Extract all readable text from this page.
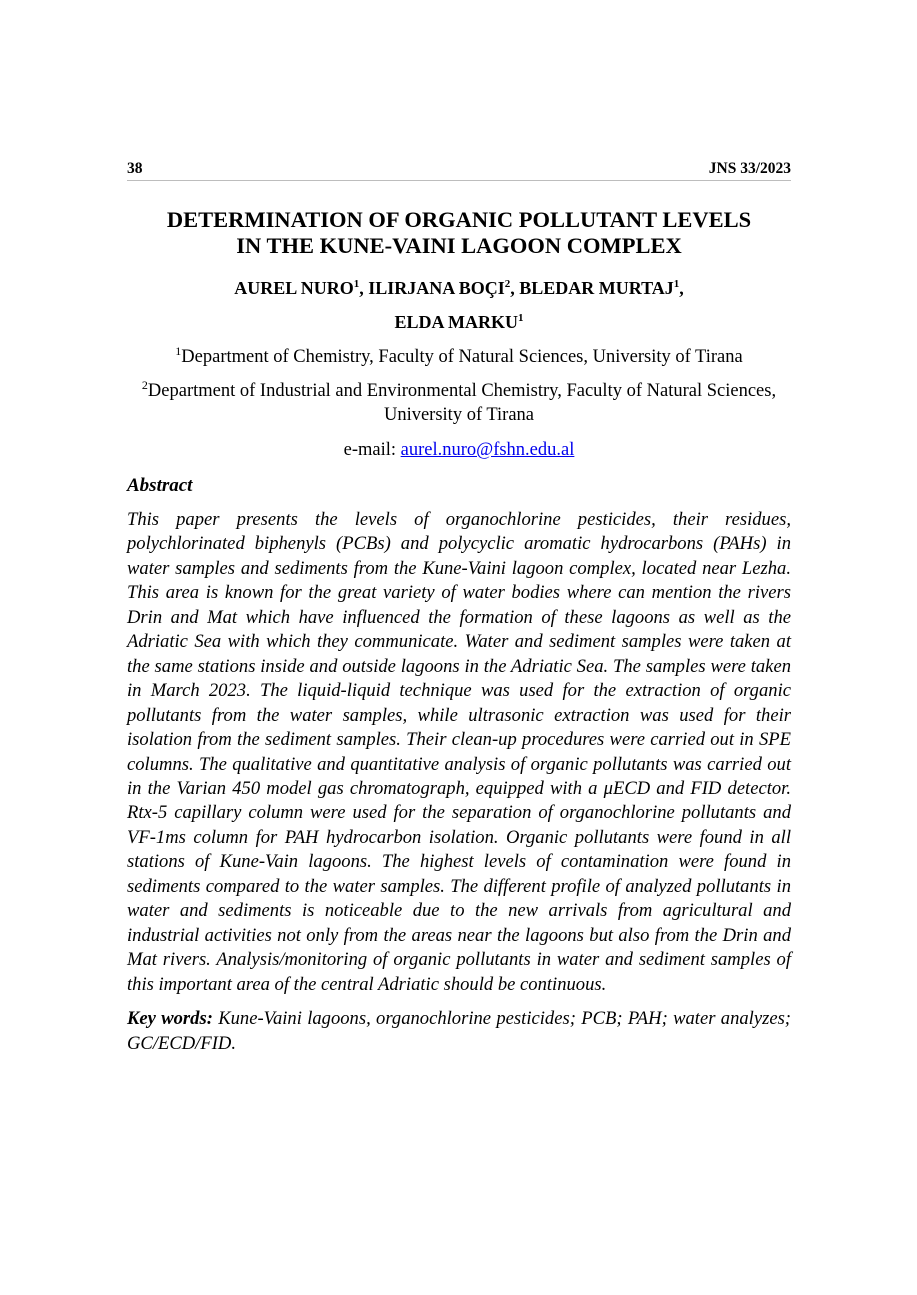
38	JNS 33/2023
DETERMINATION OF ORGANIC POLLUTANT LEVELS
IN THE KUNE-VAINI LAGOON COMPLEX
AUREL NURO$^1$, ILIRJANA BOÇI$^2$, BLEDAR MURTAJ$^1$,
ELDA MARKU$^1$
$^1$Department of Chemistry, Faculty of Natural Sciences, University of Tirana
$^2$Department of Industrial and Environmental Chemistry, Faculty of Natural Sciences, University of Tirana
e-mail: aurel.nuro@fshn.edu.al
Abstract
This paper presents the levels of organochlorine pesticides, their residues, polychlorinated biphenyls (PCBs) and polycyclic aromatic hydrocarbons (PAHs) in water samples and sediments from the Kune-Vaini lagoon complex, located near Lezha. This area is known for the great variety of water bodies where can mention the rivers Drin and Mat which have influenced the formation of these lagoons as well as the Adriatic Sea with which they communicate. Water and sediment samples were taken at the same stations inside and outside lagoons in the Adriatic Sea. The samples were taken in March 2023. The liquid-liquid technique was used for the extraction of organic pollutants from the water samples, while ultrasonic extraction was used for their isolation from the sediment samples. Their clean-up procedures were carried out in SPE columns. The qualitative and quantitative analysis of organic pollutants was carried out in the Varian 450 model gas chromatograph, equipped with a μECD and FID detector. Rtx-5 capillary column were used for the separation of organochlorine pollutants and VF-1ms column for PAH hydrocarbon isolation. Organic pollutants were found in all stations of Kune-Vain lagoons. The highest levels of contamination were found in sediments compared to the water samples. The different profile of analyzed pollutants in water and sediments is noticeable due to the new arrivals from agricultural and industrial activities not only from the areas near the lagoons but also from the Drin and Mat rivers. Analysis/monitoring of organic pollutants in water and sediment samples of this important area of the central Adriatic should be continuous.
Key words: Kune-Vaini lagoons, organochlorine pesticides; PCB; PAH; water analyzes; GC/ECD/FID.
